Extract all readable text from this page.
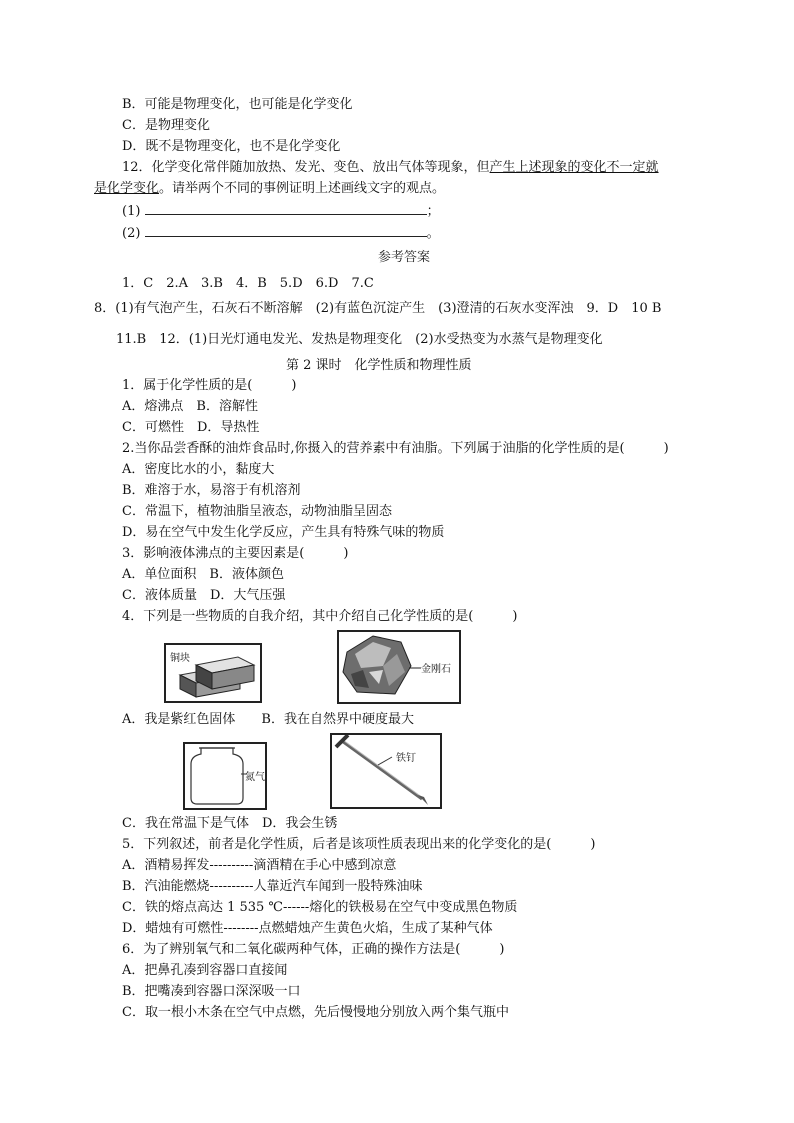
B．可能是物理变化，也可能是化学变化
C．是物理变化
D．既不是物理变化，也不是化学变化
12．化学变化常伴随加放热、发光、变色、放出气体等现象，但产生上述现象的变化不一定就
是化学变化。请举两个不同的事例证明上述画线文字的观点。
(1)	；
(2)	。
参考答案
1．C　2.A　3.B　4．B　5.D　6.D　7.C
8．(1)有气泡产生，石灰石不断溶解　(2)有蓝色沉淀产生　(3)澄清的石灰水变浑浊　9．D　10 B
11.B　12．(1)日光灯通电发光、发热是物理变化　(2)水受热变为水蒸气是物理变化
第 2 课时　化学性质和物理性质
1．属于化学性质的是(　　　)
A．熔沸点　B．溶解性
C．可燃性　D．导热性
2.当你品尝香酥的油炸食品时,你摄入的营养素中有油脂。下列属于油脂的化学性质的是(　　　)
A．密度比水的小，黏度大
B．难溶于水，易溶于有机溶剂
C．常温下，植物油脂呈液态，动物油脂呈固态
D．易在空气中发生化学反应，产生具有特殊气味的物质
3．影响液体沸点的主要因素是(　　　)
A．单位面积　B．液体颜色
C．液体质量　D．大气压强
4．下列是一些物质的自我介绍，其中介绍自己化学性质的是(　　　)
铜块
金刚石
A．我是紫红色固体　　B．我在自然界中硬度最大
氮气
铁钉
C．我在常温下是气体　D．我会生锈
5．下列叙述，前者是化学性质，后者是该项性质表现出来的化学变化的是(　　　)
A．酒精易挥发----------滴酒精在手心中感到凉意
B．汽油能燃烧----------人靠近汽车闻到一股特殊油味
C．铁的熔点高达 1 535 ℃------熔化的铁极易在空气中变成黑色物质
D．蜡烛有可燃性--------点燃蜡烛产生黄色火焰，生成了某种气体
6．为了辨别氧气和二氧化碳两种气体，正确的操作方法是(　　　)
A．把鼻孔凑到容器口直接闻
B．把嘴凑到容器口深深吸一口
C．取一根小木条在空气中点燃，先后慢慢地分别放入两个集气瓶中
